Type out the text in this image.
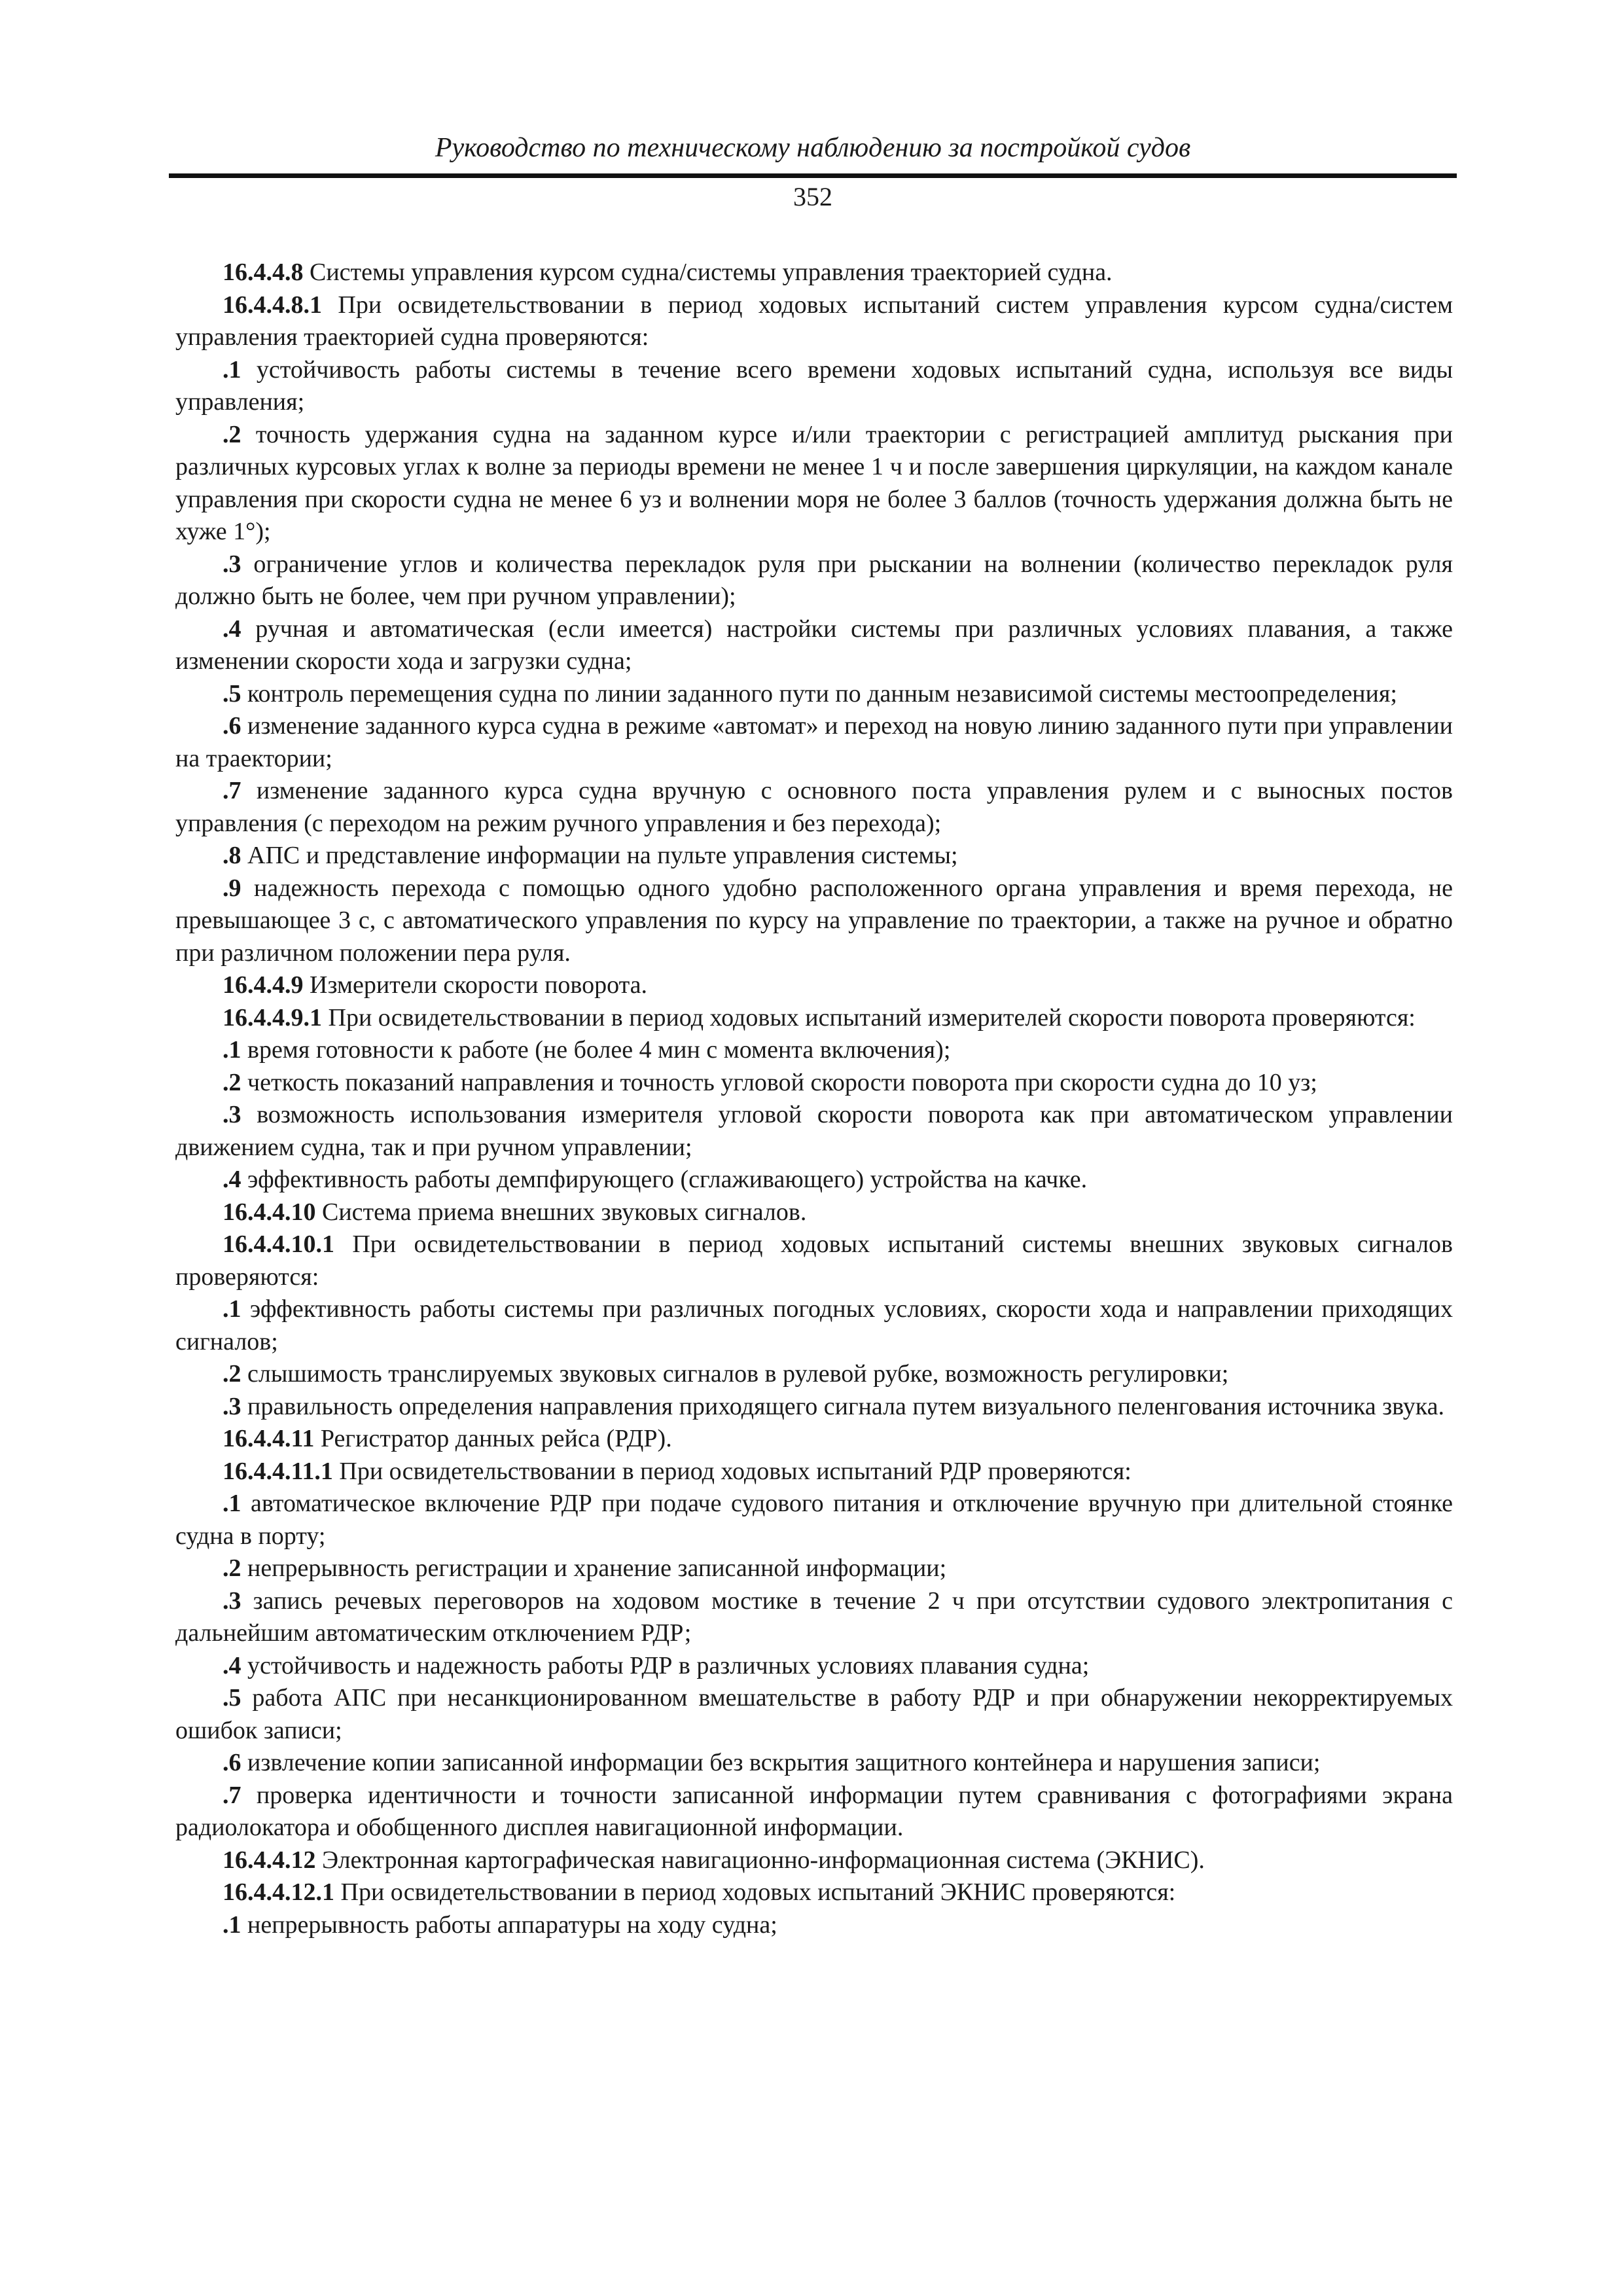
Руководство по техническому наблюдению за постройкой судов
352

16.4.4.8 Системы управления курсом судна/системы управления траекторией судна.

16.4.4.8.1 При освидетельствовании в период ходовых испытаний систем управления курсом судна/систем управления траекторией судна проверяются:

.1 устойчивость работы системы в течение всего времени ходовых испытаний судна, используя все виды управления;

.2 точность удержания судна на заданном курсе и/или траектории с регистрацией амплитуд рыскания при различных курсовых углах к волне за периоды времени не менее 1 ч и после завершения циркуляции, на каждом канале управления при скорости судна не менее 6 уз и волнении моря не более 3 баллов (точность удержания должна быть не хуже 1°);

.3 ограничение углов и количества перекладок руля при рыскании на волнении (количество перекладок руля должно быть не более, чем при ручном управлении);

.4 ручная и автоматическая (если имеется) настройки системы при различных условиях плавания, а также изменении скорости хода и загрузки судна;

.5 контроль перемещения судна по линии заданного пути по данным независимой системы местоопределения;

.6 изменение заданного курса судна в режиме «автомат» и переход на новую линию заданного пути при управлении на траектории;

.7 изменение заданного курса судна вручную с основного поста управления рулем и с выносных постов управления (с переходом на режим ручного управления и без перехода);

.8 АПС и представление информации на пульте управления системы;

.9 надежность перехода с помощью одного удобно расположенного органа управления и время перехода, не превышающее 3 с, с автоматического управления по курсу на управление по траектории, а также на ручное и обратно при различном положении пера руля.

16.4.4.9 Измерители скорости поворота.

16.4.4.9.1 При освидетельствовании в период ходовых испытаний измерителей скорости поворота проверяются:

.1 время готовности к работе (не более 4 мин с момента включения);

.2 четкость показаний направления и точность угловой скорости поворота при скорости судна до 10 уз;

.3 возможность использования измерителя угловой скорости поворота как при автоматическом управлении движением судна, так и при ручном управлении;

.4 эффективность работы демпфирующего (сглаживающего) устройства на качке.

16.4.4.10 Система приема внешних звуковых сигналов.

16.4.4.10.1 При освидетельствовании в период ходовых испытаний системы внешних звуковых сигналов проверяются:

.1 эффективность работы системы при различных погодных условиях, скорости хода и направлении приходящих сигналов;

.2 слышимость транслируемых звуковых сигналов в рулевой рубке, возможность регулировки;

.3 правильность определения направления приходящего сигнала путем визуального пеленгования источника звука.

16.4.4.11 Регистратор данных рейса (РДР).

16.4.4.11.1 При освидетельствовании в период ходовых испытаний РДР проверяются:

.1 автоматическое включение РДР при подаче судового питания и отключение вручную при длительной стоянке судна в порту;

.2 непрерывность регистрации и хранение записанной информации;

.3 запись речевых переговоров на ходовом мостике в течение 2 ч при отсутствии судового электропитания с дальнейшим автоматическим отключением РДР;

.4 устойчивость и надежность работы РДР в различных условиях плавания судна;

.5 работа АПС при несанкционированном вмешательстве в работу РДР и при обнаружении некорректируемых ошибок записи;

.6 извлечение копии записанной информации без вскрытия защитного контейнера и нарушения записи;

.7 проверка идентичности и точности записанной информации путем сравнивания с фотографиями экрана радиолокатора и обобщенного дисплея навигационной информации.

16.4.4.12 Электронная картографическая навигационно-информационная система (ЭКНИС).

16.4.4.12.1 При освидетельствовании в период ходовых испытаний ЭКНИС проверяются:

.1 непрерывность работы аппаратуры на ходу судна;
